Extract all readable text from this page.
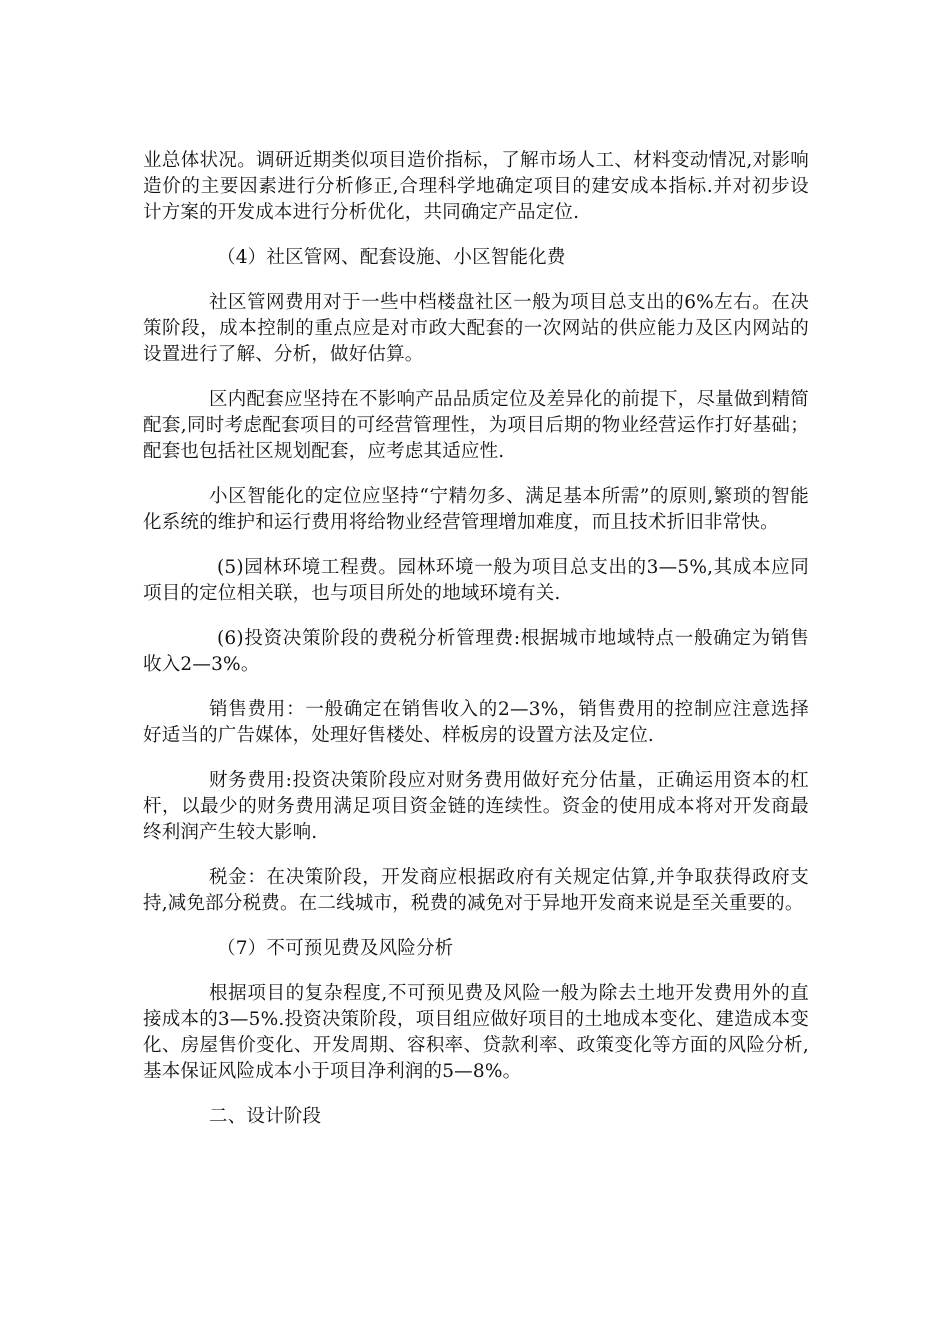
业总体状况。调研近期类似项目造价指标，了解市场人工、材料变动情况,对影响造价的主要因素进行分析修正,合理科学地确定项目的建安成本指标.并对初步设计方案的开发成本进行分析优化，共同确定产品定位.

（4）社区管网、配套设施、小区智能化费

社区管网费用对于一些中档楼盘社区一般为项目总支出的6%左右。在决策阶段，成本控制的重点应是对市政大配套的一次网站的供应能力及区内网站的设置进行了解、分析，做好估算。

区内配套应坚持在不影响产品品质定位及差异化的前提下，尽量做到精简配套,同时考虑配套项目的可经营管理性，为项目后期的物业经营运作打好基础；配套也包括社区规划配套，应考虑其适应性.

小区智能化的定位应坚持“宁精勿多、满足基本所需”的原则,繁琐的智能化系统的维护和运行费用将给物业经营管理增加难度，而且技术折旧非常快。

(5)园林环境工程费。园林环境一般为项目总支出的3—5%,其成本应同项目的定位相关联，也与项目所处的地域环境有关.

(6)投资决策阶段的费税分析管理费:根据城市地域特点一般确定为销售收入2—3%。

销售费用：一般确定在销售收入的2—3%，销售费用的控制应注意选择好适当的广告媒体，处理好售楼处、样板房的设置方法及定位.

财务费用:投资决策阶段应对财务费用做好充分估量，正确运用资本的杠杆，以最少的财务费用满足项目资金链的连续性。资金的使用成本将对开发商最终利润产生较大影响.

税金：在决策阶段，开发商应根据政府有关规定估算,并争取获得政府支持,减免部分税费。在二线城市，税费的减免对于异地开发商来说是至关重要的。

（7）不可预见费及风险分析

根据项目的复杂程度,不可预见费及风险一般为除去土地开发费用外的直接成本的3—5%.投资决策阶段，项目组应做好项目的土地成本变化、建造成本变化、房屋售价变化、开发周期、容积率、贷款利率、政策变化等方面的风险分析,基本保证风险成本小于项目净利润的5—8%。

二、设计阶段
